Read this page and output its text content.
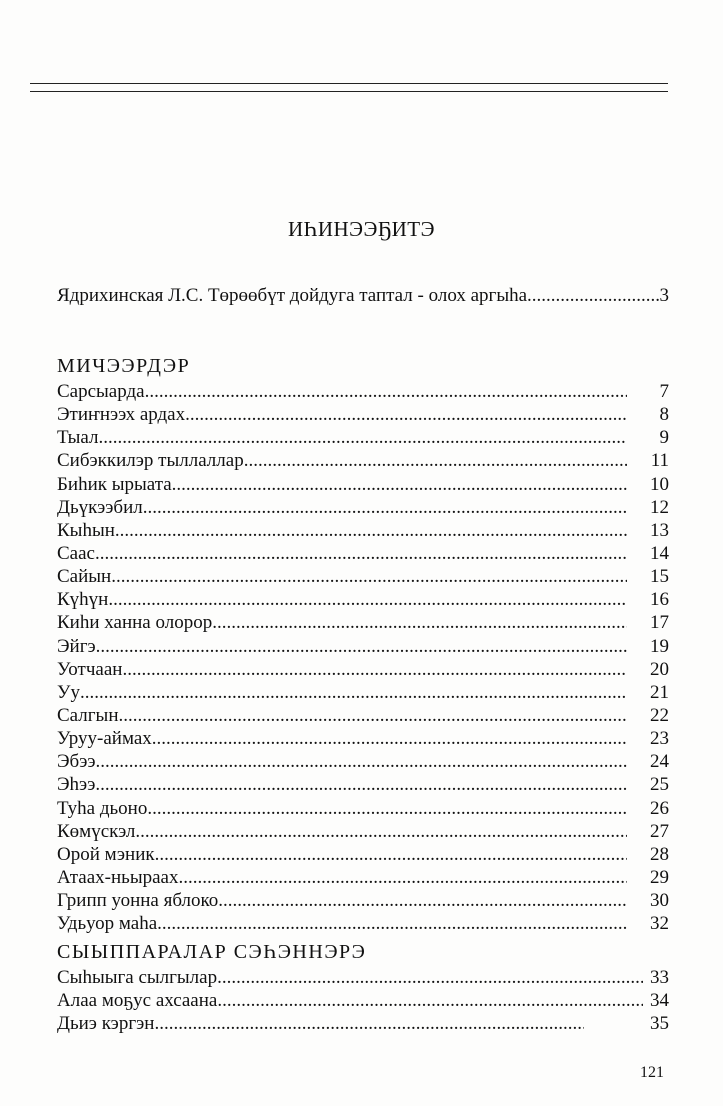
ИҺИНЭЭҔИТЭ
Ядрихинская Л.С. Төрөөбүт дойдуга таптал - олох аргыһа .....	3
МИЧЭЭРДЭР
Сарсыарда .....	7
Этиҥнээх ардах .....	8
Тыал .....	9
Сибэккилэр тыллаллар .....	11
Биһик ырыата .....	10
Дьүкээбил .....	12
Кыһын .....	13
Саас .....	14
Сайын .....	15
Күһүн .....	16
Киһи ханна олорор .....	17
Эйгэ .....	19
Уотчаан .....	20
Уу .....	21
Салгын .....	22
Уруу-аймах .....	23
Эбээ .....	24
Эһээ .....	25
Туһа дьоно .....	26
Көмүскэл .....	27
Орой мэник .....	28
Атаах-ньыраах .....	29
Грипп уонна яблоко .....	30
Удьуор маһа .....	32
СЫЫППАРАЛАР СЭҺЭННЭРЭ
Сыһыыга сылгылар .....	33
Алаа моҕус ахсаана .....	34
Дьиэ кэргэн .....	35
121
